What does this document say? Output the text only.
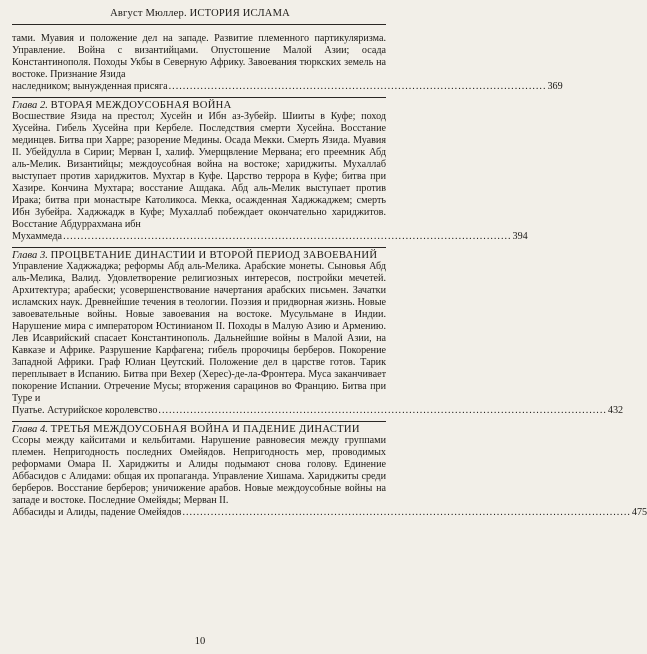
Август Мюллер. ИСТОРИЯ ИСЛАМА
тами. Муавия и положение дел на западе. Развитие племенного партикуляризма. Управление. Война с византийцами. Опустошение Малой Азии; осада Константинополя. Походы Укбы в Северную Африку. Завоевания тюркских земель на востоке. Признание Язида
наследником; вынужденная присяга ........................................................................................................... 369
Глава 2. ВТОРАЯ МЕЖДОУСОБНАЯ ВОЙНА
Восшествие Язида на престол; Хусейн и Ибн аз-Зубейр. Шииты в Куфе; поход Хусейна. Гибель Хусейна при Кербеле. Последствия смерти Хусейна. Восстание мединцев. Битва при Харре; разорение Медины. Осада Мекки. Смерть Язида. Муавия II. Убейдулла в Сирии; Мерван I, халиф. Умерщвление Мервана; его преемник Абд аль-Мелик. Византийцы; междоусобная война на востоке; хариджиты. Мухаллаб выступает против хариджитов. Мухтар в Куфе. Царство террора в Куфе; битва при Хазире. Кончина Мухтара; восстание Ашдака. Абд аль-Мелик выступает против Ирака; битва при монастыре Католикоса. Мекка, осажденная Хаджжаджем; смерть Ибн Зубейра. Хаджжадж в Куфе; Мухаллаб побеждает окончательно хариджитов. Восстание Абдуррахмана ибн
Мухаммеда ............................................................................................................................... 394
Глава 3. ПРОЦВЕТАНИЕ ДИНАСТИИ И ВТОРОЙ ПЕРИОД ЗАВОЕВАНИЙ
Управление Хаджжаджа; реформы Абд аль-Мелика. Арабские монеты. Сыновья Абд аль-Мелика, Валид. Удовлетворение религиозных интересов, постройки мечетей. Архитектура; арабески; усовершенствование начертания арабских письмен. Зачатки исламских наук. Древнейшие течения в теологии. Поэзия и придворная жизнь. Новые завоевательные войны. Новые завоевания на востоке. Мусульмане в Индии. Нарушение мира с императором Юстинианом II. Походы в Малую Азию и Армению. Лев Исаврийский спасает Константинополь. Дальнейшие войны в Малой Азии, на Кавказе и Африке. Разрушение Карфагена; гибель пророчицы берберов. Покорение Западной Африки. Граф Юлиан Цеутский. Положение дел в царстве готов. Тарик переплывает в Испанию. Битва при Вехер (Херес)-де-ла-Фронтера. Муса заканчивает покорение Испании. Отречение Мусы; вторжения сарацинов во Францию. Битва при Туре и
Пуатье. Астурийское королевство ............................................................................................................................... 432
Глава 4. ТРЕТЬЯ МЕЖДОУСОБНАЯ ВОЙНА И ПАДЕНИЕ ДИНАСТИИ
Ссоры между кайситами и кельбитами. Нарушение равновесия между группами племен. Непригодность последних Омейядов. Непригодность мер, проводимых реформами Омара II. Хариджиты и Алиды подымают снова голову. Единение Аббасидов с Алидами: общая их пропаганда. Управление Хишама. Хариджиты среди берберов. Восстание берберов; уничижение арабов. Новые междоусобные войны на западе и востоке. Последние Омейяды; Мерван II.
Аббасиды и Алиды, падение Омейядов ............................................................................................................................... 475
10
